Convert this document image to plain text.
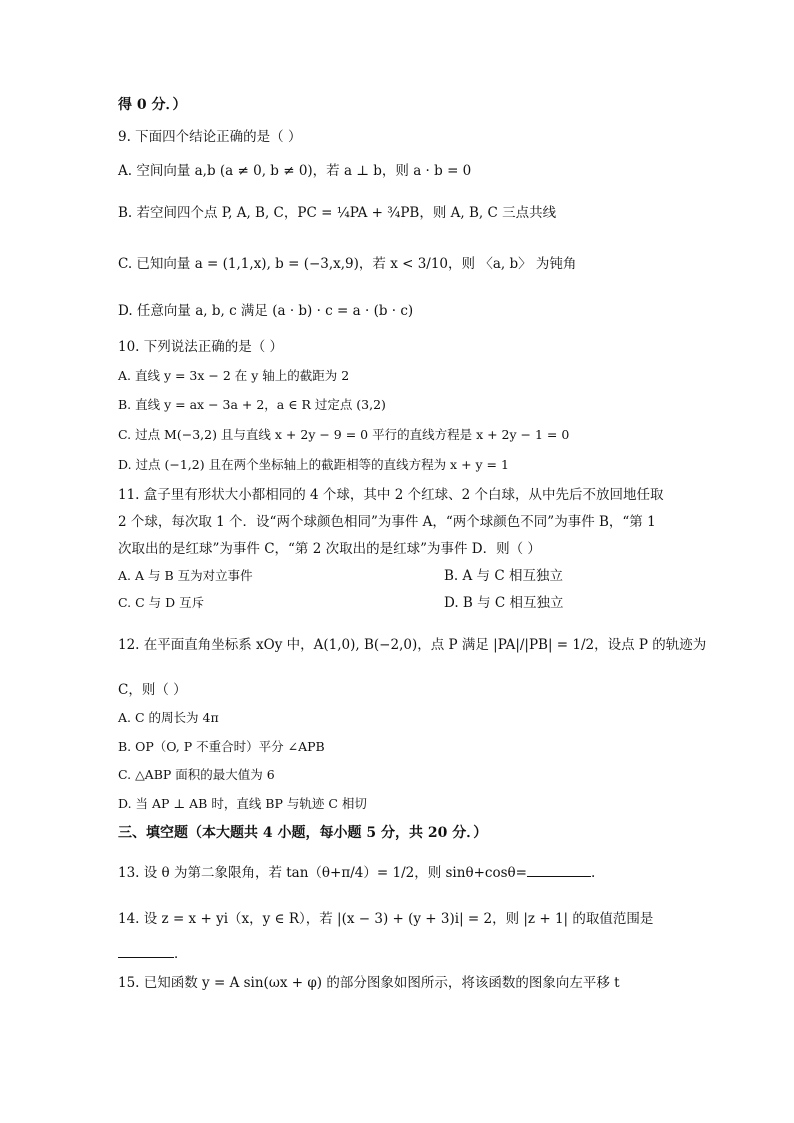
得 0 分．）
9. 下面四个结论正确的是（ ）
A. 空间向量 a,b (a ≠ 0, b ≠ 0)，若 a ⊥ b，则 a · b = 0
B. 若空间四个点 P, A, B, C，PC = ¼PA + ¾PB，则 A, B, C 三点共线
C. 已知向量 a = (1,1,x), b = (−3,x,9)，若 x < 3/10，则 〈a, b〉 为钝角
D. 任意向量 a, b, c 满足 (a · b) · c = a · (b · c)
10. 下列说法正确的是（ ）
A. 直线 y = 3x − 2 在 y 轴上的截距为 2
B. 直线 y = ax − 3a + 2，a ∈ R 过定点 (3,2)
C. 过点 M(−3,2) 且与直线 x + 2y − 9 = 0 平行的直线方程是 x + 2y − 1 = 0
D. 过点 (−1,2) 且在两个坐标轴上的截距相等的直线方程为 x + y = 1
11. 盒子里有形状大小都相同的 4 个球，其中 2 个红球、2 个白球，从中先后不放回地任取
2 个球，每次取 1 个．设“两个球颜色相同”为事件 A，“两个球颜色不同”为事件 B，“第 1
次取出的是红球”为事件 C，“第 2 次取出的是红球”为事件 D．则（ ）
A. A 与 B 互为对立事件	B. A 与 C 相互独立
C. C 与 D 互斥	D. B 与 C 相互独立
12. 在平面直角坐标系 xOy 中，A(1,0), B(−2,0)，点 P 满足 |PA|/|PB| = 1/2，设点 P 的轨迹为
C，则（ ）
A. C 的周长为 4π
B. OP（O, P 不重合时）平分 ∠APB
C. △ABP 面积的最大值为 6
D. 当 AP ⊥ AB 时，直线 BP 与轨迹 C 相切
三、填空题（本大题共 4 小题，每小题 5 分，共 20 分．）
13. 设 θ 为第二象限角，若 tan（θ+π/4）= 1/2，则 sinθ+cosθ=	.
14. 设 z = x + yi（x，y ∈ R），若 |(x − 3) + (y + 3)i| = 2，则 |z + 1| 的取值范围是
．
15. 已知函数 y = A sin(ωx + φ) 的部分图象如图所示，将该函数的图象向左平移 t
